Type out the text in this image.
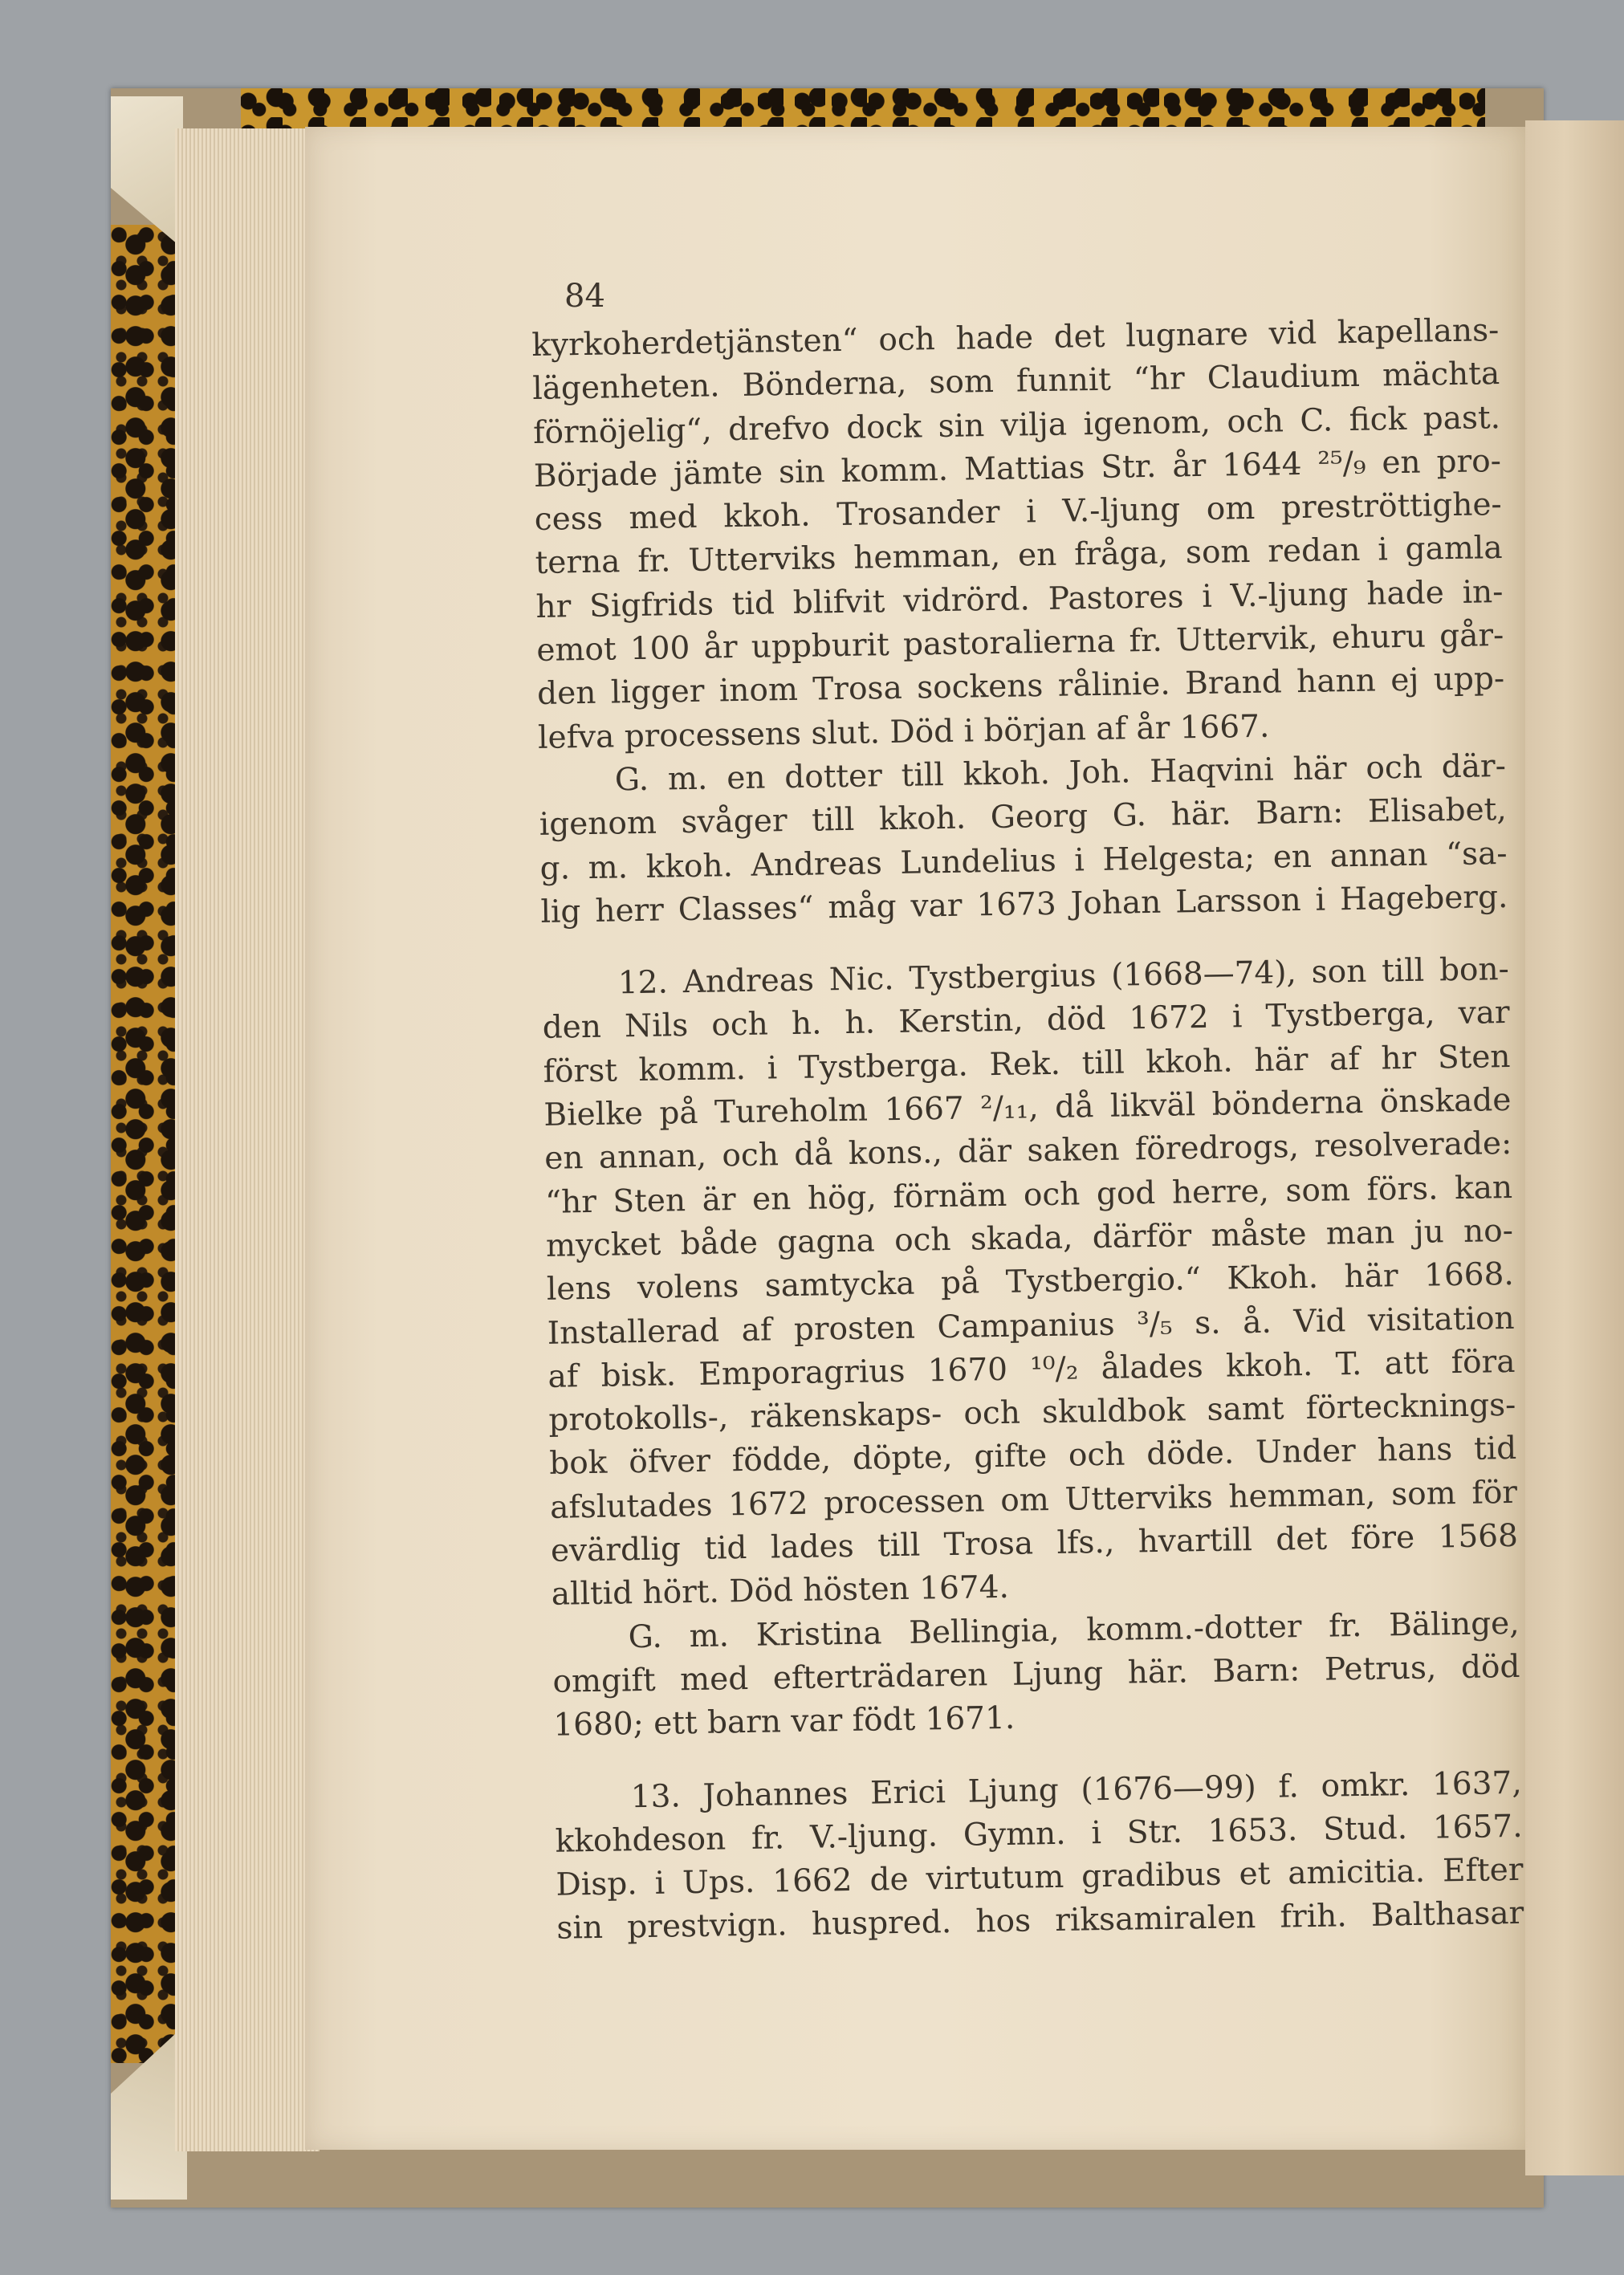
84
kyrkoherdetjänsten“ och hade det lugnare vid kapellans-
lägenheten. Bönderna, som funnit “hr Claudium mächta
förnöjelig“, drefvo dock sin vilja igenom, och C. fick past.
Började jämte sin komm. Mattias Str. år 1644 ²⁵/₉ en pro-
cess med kkoh. Trosander i V.-ljung om preströttighe-
terna fr. Utterviks hemman, en fråga, som redan i gamla
hr Sigfrids tid blifvit vidrörd. Pastores i V.-ljung hade in-
emot 100 år uppburit pastoralierna fr. Uttervik, ehuru går-
den ligger inom Trosa sockens rålinie. Brand hann ej upp-
lefva processens slut. Död i början af år 1667.
G. m. en dotter till kkoh. Joh. Haqvini här och där-
igenom svåger till kkoh. Georg G. här. Barn: Elisabet,
g. m. kkoh. Andreas Lundelius i Helgesta; en annan “sa-
lig herr Classes“ måg var 1673 Johan Larsson i Hageberg.
12. Andreas Nic. Tystbergius (1668—74), son till bon-
den Nils och h. h. Kerstin, död 1672 i Tystberga, var
först komm. i Tystberga. Rek. till kkoh. här af hr Sten
Bielke på Tureholm 1667 ²/₁₁, då likväl bönderna önskade
en annan, och då kons., där saken föredrogs, resolverade:
“hr Sten är en hög, förnäm och god herre, som förs. kan
mycket både gagna och skada, därför måste man ju no-
lens volens samtycka på Tystbergio.“ Kkoh. här 1668.
Installerad af prosten Campanius ³/₅ s. å. Vid visitation
af bisk. Emporagrius 1670 ¹⁰/₂ ålades kkoh. T. att föra
protokolls-, räkenskaps- och skuldbok samt förtecknings-
bok öfver födde, döpte, gifte och döde. Under hans tid
afslutades 1672 processen om Utterviks hemman, som för
evärdlig tid lades till Trosa lfs., hvartill det före 1568
alltid hört. Död hösten 1674.
G. m. Kristina Bellingia, komm.-dotter fr. Bälinge,
omgift med efterträdaren Ljung här. Barn: Petrus, död
1680; ett barn var födt 1671.
13. Johannes Erici Ljung (1676—99) f. omkr. 1637,
kkohdeson fr. V.-ljung. Gymn. i Str. 1653. Stud. 1657.
Disp. i Ups. 1662 de virtutum gradibus et amicitia. Efter
sin prestvign. huspred. hos riksamiralen frih. Balthasar
